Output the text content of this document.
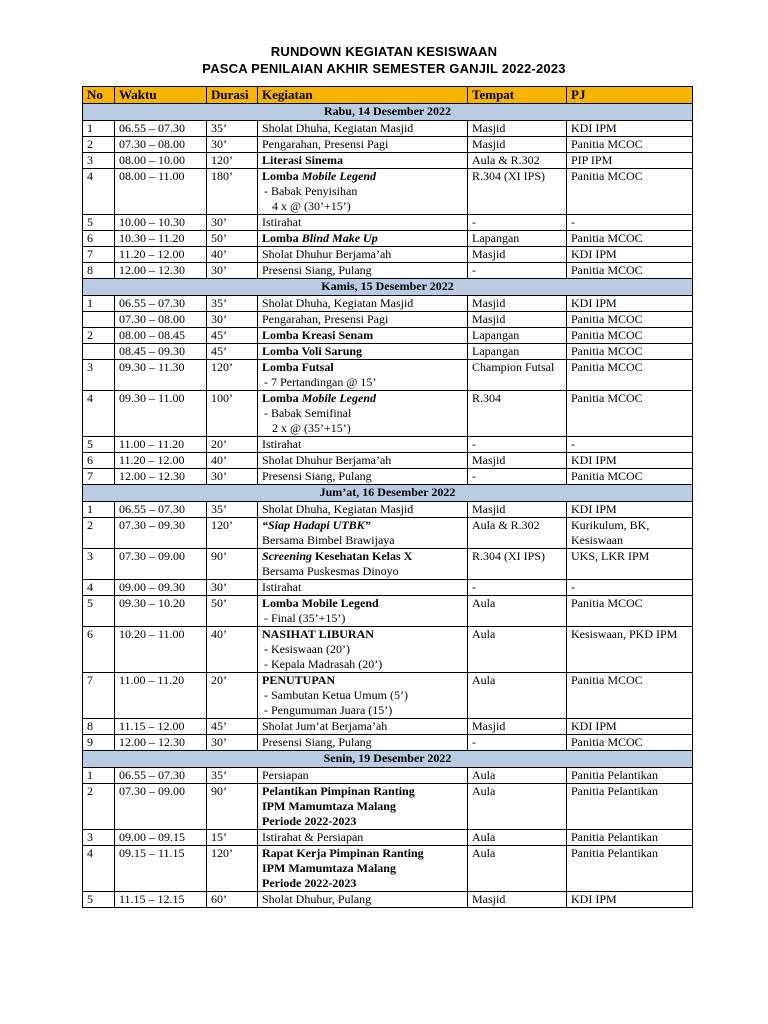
RUNDOWN KEGIATAN KESISWAAN
PASCA PENILAIAN AKHIR SEMESTER GANJIL 2022-2023
No	Waktu	Durasi	Kegiatan	Tempat	PJ
Rabu, 14 Desember 2022					
1	06.55 – 07.30	35’	Sholat Dhuha, Kegiatan Masjid	Masjid	KDI IPM
2	07.30 – 08.00	30’	Pengarahan, Presensi Pagi	Masjid	Panitia MCOC
3	08.00 – 10.00	120’	Literasi Sinema	Aula & R.302	PIP IPM
4	08.00 – 11.00	180’	Lomba Mobile Legend
- Babak Penyisihan
4 x @ (30’+15’)	R.304 (XI IPS)	Panitia MCOC
5	10.00 – 10.30	30’	Istirahat	-	-
6	10.30 – 11.20	50’	Lomba Blind Make Up	Lapangan	Panitia MCOC
7	11.20 – 12.00	40’	Sholat Dhuhur Berjama’ah	Masjid	KDI IPM
8	12.00 – 12.30	30’	Presensi Siang, Pulang	-	Panitia MCOC
Kamis, 15 Desember 2022					
1	06.55 – 07.30	35’	Sholat Dhuha, Kegiatan Masjid	Masjid	KDI IPM
	07.30 – 08.00	30’	Pengarahan, Presensi Pagi	Masjid	Panitia MCOC
2	08.00 – 08.45	45’	Lomba Kreasi Senam	Lapangan	Panitia MCOC
	08.45 – 09.30	45’	Lomba Voli Sarung	Lapangan	Panitia MCOC
3	09.30 – 11.30	120’	Lomba Futsal
- 7 Pertandingan @ 15’	Champion Futsal	Panitia MCOC
4	09.30 – 11.00	100’	Lomba Mobile Legend
- Babak Semifinal
2 x @ (35’+15’)	R.304	Panitia MCOC
5	11.00 – 11.20	20’	Istirahat	-	-
6	11.20 – 12.00	40’	Sholat Dhuhur Berjama’ah	Masjid	KDI IPM
7	12.00 – 12.30	30’	Presensi Siang, Pulang	-	Panitia MCOC
Jum’at, 16 Desember 2022					
1	06.55 – 07.30	35’	Sholat Dhuha, Kegiatan Masjid	Masjid	KDI IPM
2	07.30 – 09.30	120’	“Siap Hadapi UTBK”
Bersama Bimbel Brawijaya	Aula & R.302	Kurikulum, BK, Kesiswaan
3	07.30 – 09.00	90’	Screening Kesehatan Kelas X
Bersama Puskesmas Dinoyo	R.304 (XI IPS)	UKS, LKR IPM
4	09.00 – 09.30	30’	Istirahat	-	-
5	09.30 – 10.20	50’	Lomba Mobile Legend
- Final (35’+15’)	Aula	Panitia MCOC
6	10.20 – 11.00	40’	NASIHAT LIBURAN
- Kesiswaan (20’)
- Kepala Madrasah (20’)	Aula	Kesiswaan, PKD IPM
7	11.00 – 11.20	20’	PENUTUPAN
- Sambutan Ketua Umum (5’)
- Pengumuman Juara (15’)	Aula	Panitia MCOC
8	11.15 – 12.00	45’	Sholat Jum’at Berjama’ah	Masjid	KDI IPM
9	12.00 – 12.30	30’	Presensi Siang, Pulang	-	Panitia MCOC
Senin, 19 Desember 2022					
1	06.55 – 07.30	35’	Persiapan	Aula	Panitia Pelantikan
2	07.30 – 09.00	90’	Pelantikan Pimpinan Ranting
IPM Mamumtaza Malang
Periode 2022-2023	Aula	Panitia Pelantikan
3	09.00 – 09.15	15’	Istirahat & Persiapan	Aula	Panitia Pelantikan
4	09.15 – 11.15	120’	Rapat Kerja Pimpinan Ranting
IPM Mamumtaza Malang
Periode 2022-2023	Aula	Panitia Pelantikan
5	11.15 – 12.15	60’	Sholat Dhuhur, Pulang	Masjid	KDI IPM
